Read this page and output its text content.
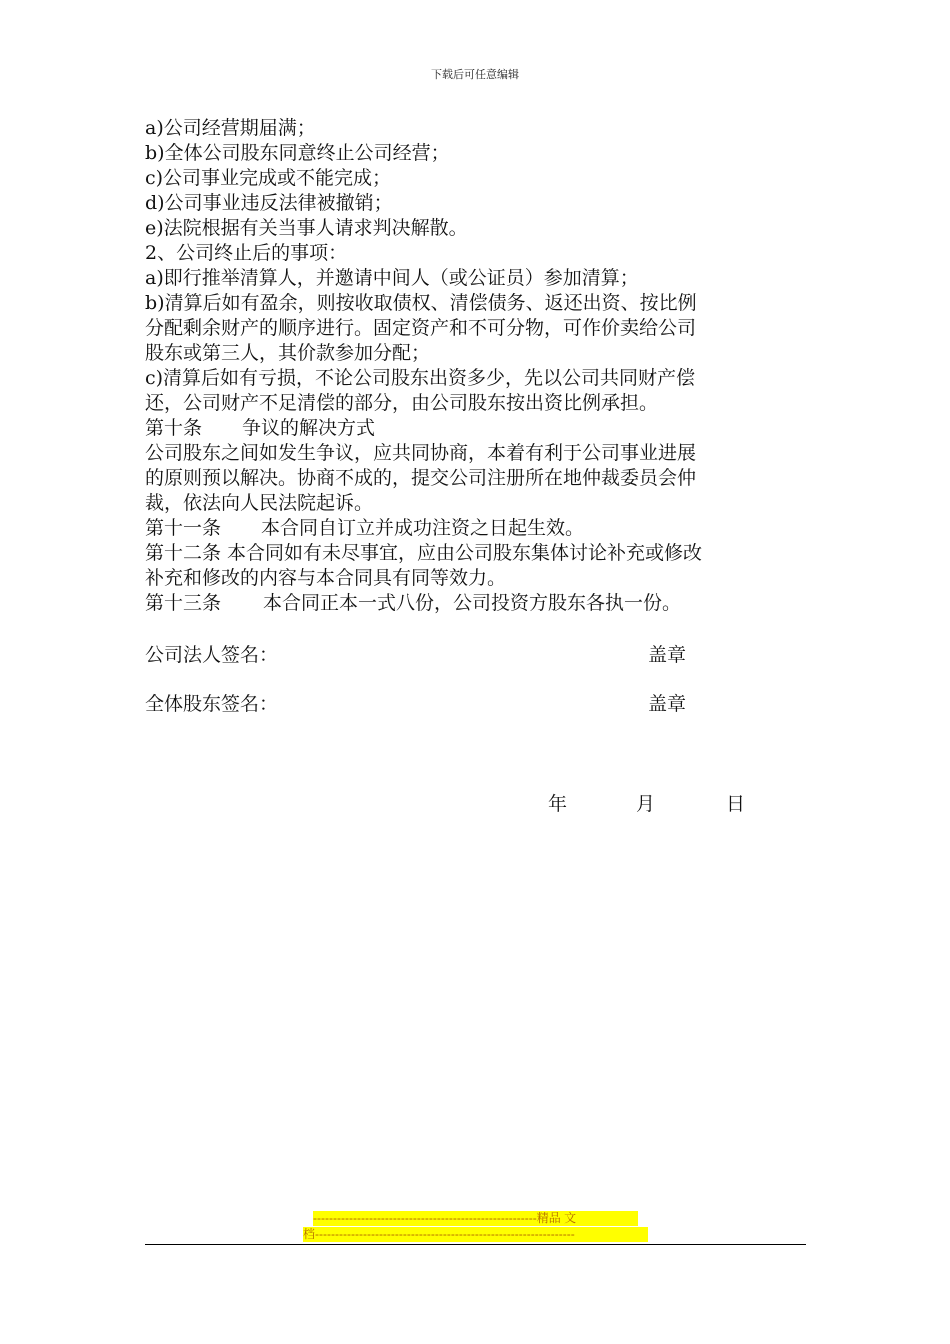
下载后可任意编辑
a)公司经营期届满；
b)全体公司股东同意终止公司经营；
c)公司事业完成或不能完成；
d)公司事业违反法律被撤销；
e)法院根据有关当事人请求判决解散。
2、公司终止后的事项：
a)即行推举清算人，并邀请中间人（或公证员）参加清算；
b)清算后如有盈余，则按收取债权、清偿债务、返还出资、按比例
分配剩余财产的顺序进行。固定资产和不可分物，可作价卖给公司
股东或第三人，其价款参加分配；
c)清算后如有亏损，不论公司股东出资多少，先以公司共同财产偿
还，公司财产不足清偿的部分，由公司股东按出资比例承担。
第十条 争议的解决方式
公司股东之间如发生争议，应共同协商，本着有利于公司事业进展
的原则预以解决。协商不成的，提交公司注册所在地仲裁委员会仲
裁，依法向人民法院起诉。
第十一条 本合同自订立并成功注资之日起生效。
第十二条 本合同如有未尽事宜，应由公司股东集体讨论补充或修改
补充和修改的内容与本合同具有同等效力。
第十三条 本合同正本一式八份，公司投资方股东各执一份。
公司法人签名：	盖章
全体股东签名：	盖章
年	月	日
--------------------------------------------------------精品 文
档-----------------------------------------------------------------
